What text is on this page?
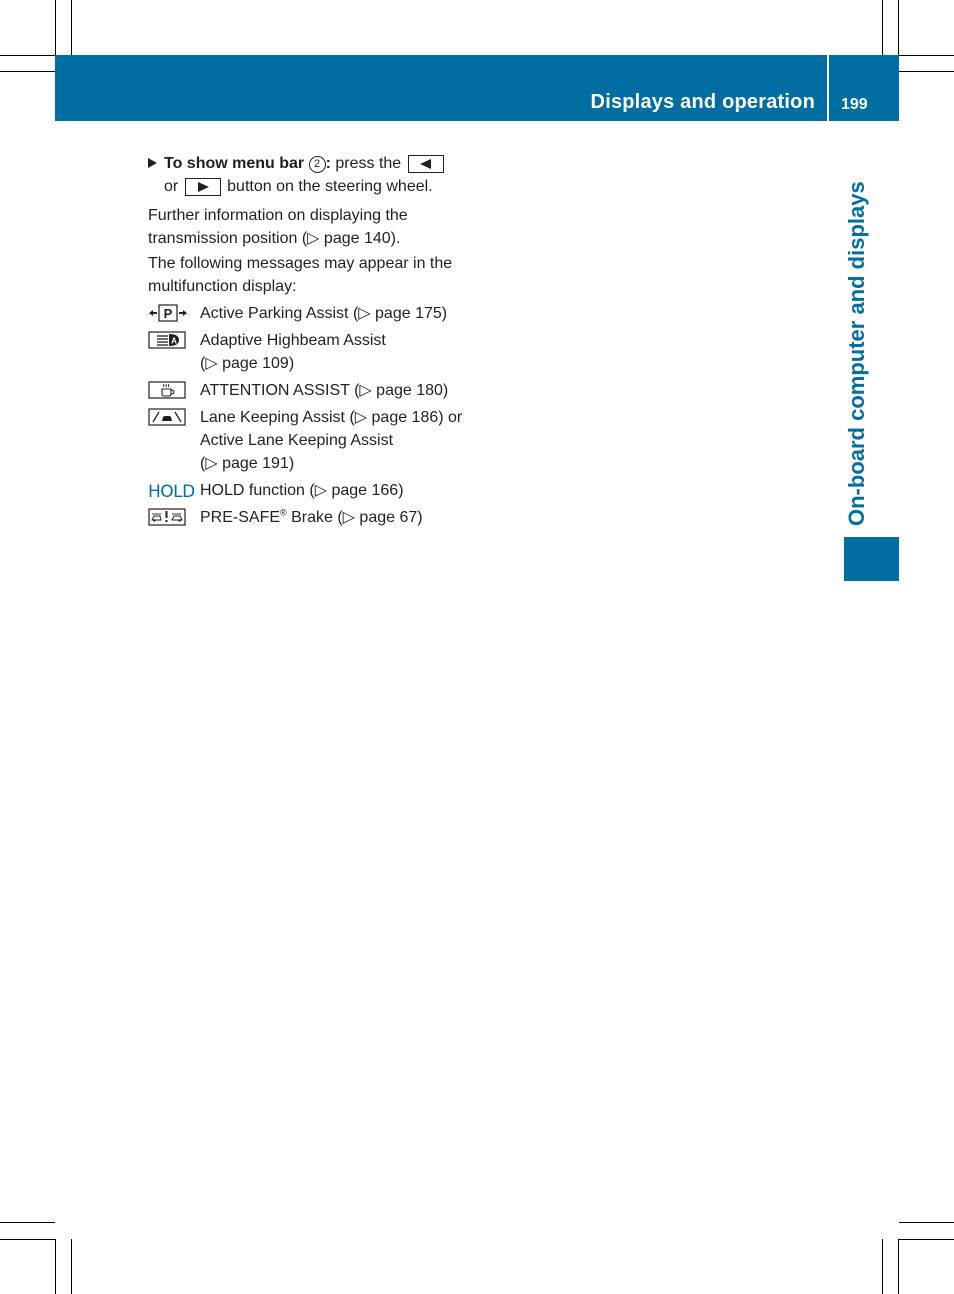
Displays and operation 199
On-board computer and displays

To show menu bar 2 : press the

or	button on the steering wheel.

Further information on displaying the transmission position (▷ page 140).

The following messages may appear in the multifunction display:

P Active Parking Assist (▷ page 175)

A Adaptive Highbeam Assist

(▷ page 109)

ATTENTION ASSIST (▷ page 180)

Lane Keeping Assist (▷ page 186) or

Active Lane Keeping Assist

(▷ page 191)

HOLD HOLD function (▷ page 166)

PRE-SAFE® Brake (▷ page 67)
